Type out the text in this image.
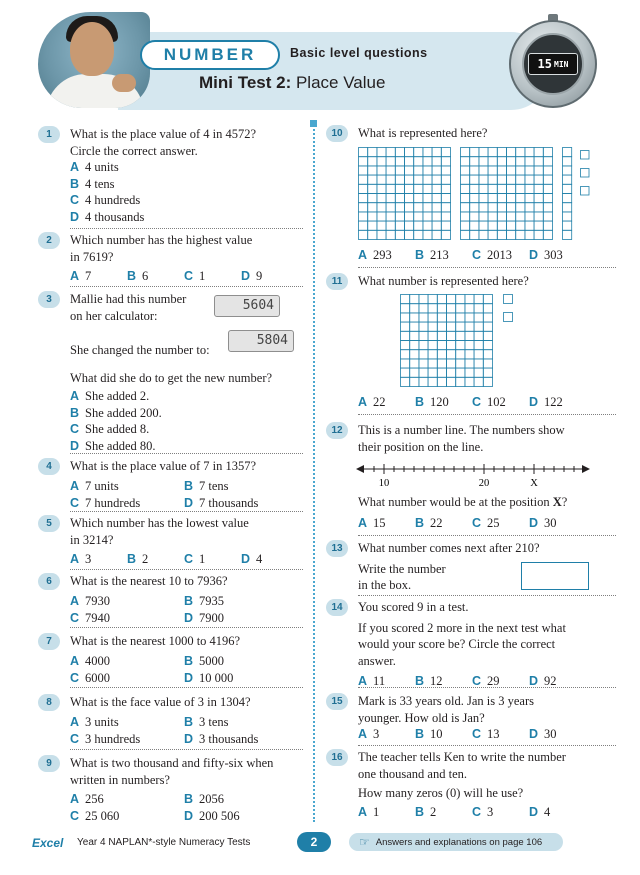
NUMBER	Basic level questions
Mini Test 2: Place Value
15 MIN
1	What is the place value of 4 in 4572?
Circle the correct answer.
A 4 units
B 4 tens
C 4 hundreds
D 4 thousands
2	Which number has the highest value
in 7619?
A 7	B 6	C 1	D 9
3	Mallie had this number
on her calculator:
She changed the number to:
What did she do to get the new number?
A She added 2.
B She added 200.
C She added 8.
D She added 80.
5604
5804
4	What is the place value of 7 in 1357?
A 7 units	B 7 tens
C 7 hundreds	D 7 thousands
5	Which number has the lowest value
in 3214?
A 3	B 2	C 1	D 4
6	What is the nearest 10 to 7936?
A 7930	B 7935
C 7940	D 7900
7	What is the nearest 1000 to 4196?
A 4000	B 5000
C 6000	D 10 000
8	What is the face value of 3 in 1304?
A 3 units	B 3 tens
C 3 hundreds	D 3 thousands
9	What is two thousand and fifty-six when
written in numbers?
A 256	B 2056
C 25 060	D 200 506
10	What is represented here?
A 293 B 213 C 2013 D 303
11	What number is represented here?
A 22 B 120 C 102 D 122
12	This is a number line. The numbers show
their position on the line.
10	20	X
What number would be at the position X?
A 15 B 22 C 25 D 30
13	What number comes next after 210?
Write the number
in the box.
14	You scored 9 in a test.
If you scored 2 more in the next test what
would your score be? Circle the correct
answer.
A 11 B 12 C 29 D 92
15	Mark is 33 years old. Jan is 3 years
younger. How old is Jan?
A 3	B 10 C 13 D 30
16	The teacher tells Ken to write the number
one thousand and ten.
How many zeros (0) will he use?
A 1	B 2	C 3	D 4
Excel Year 4 NAPLAN*-style Numeracy Tests	2	☞ Answers and explanations on page 106
